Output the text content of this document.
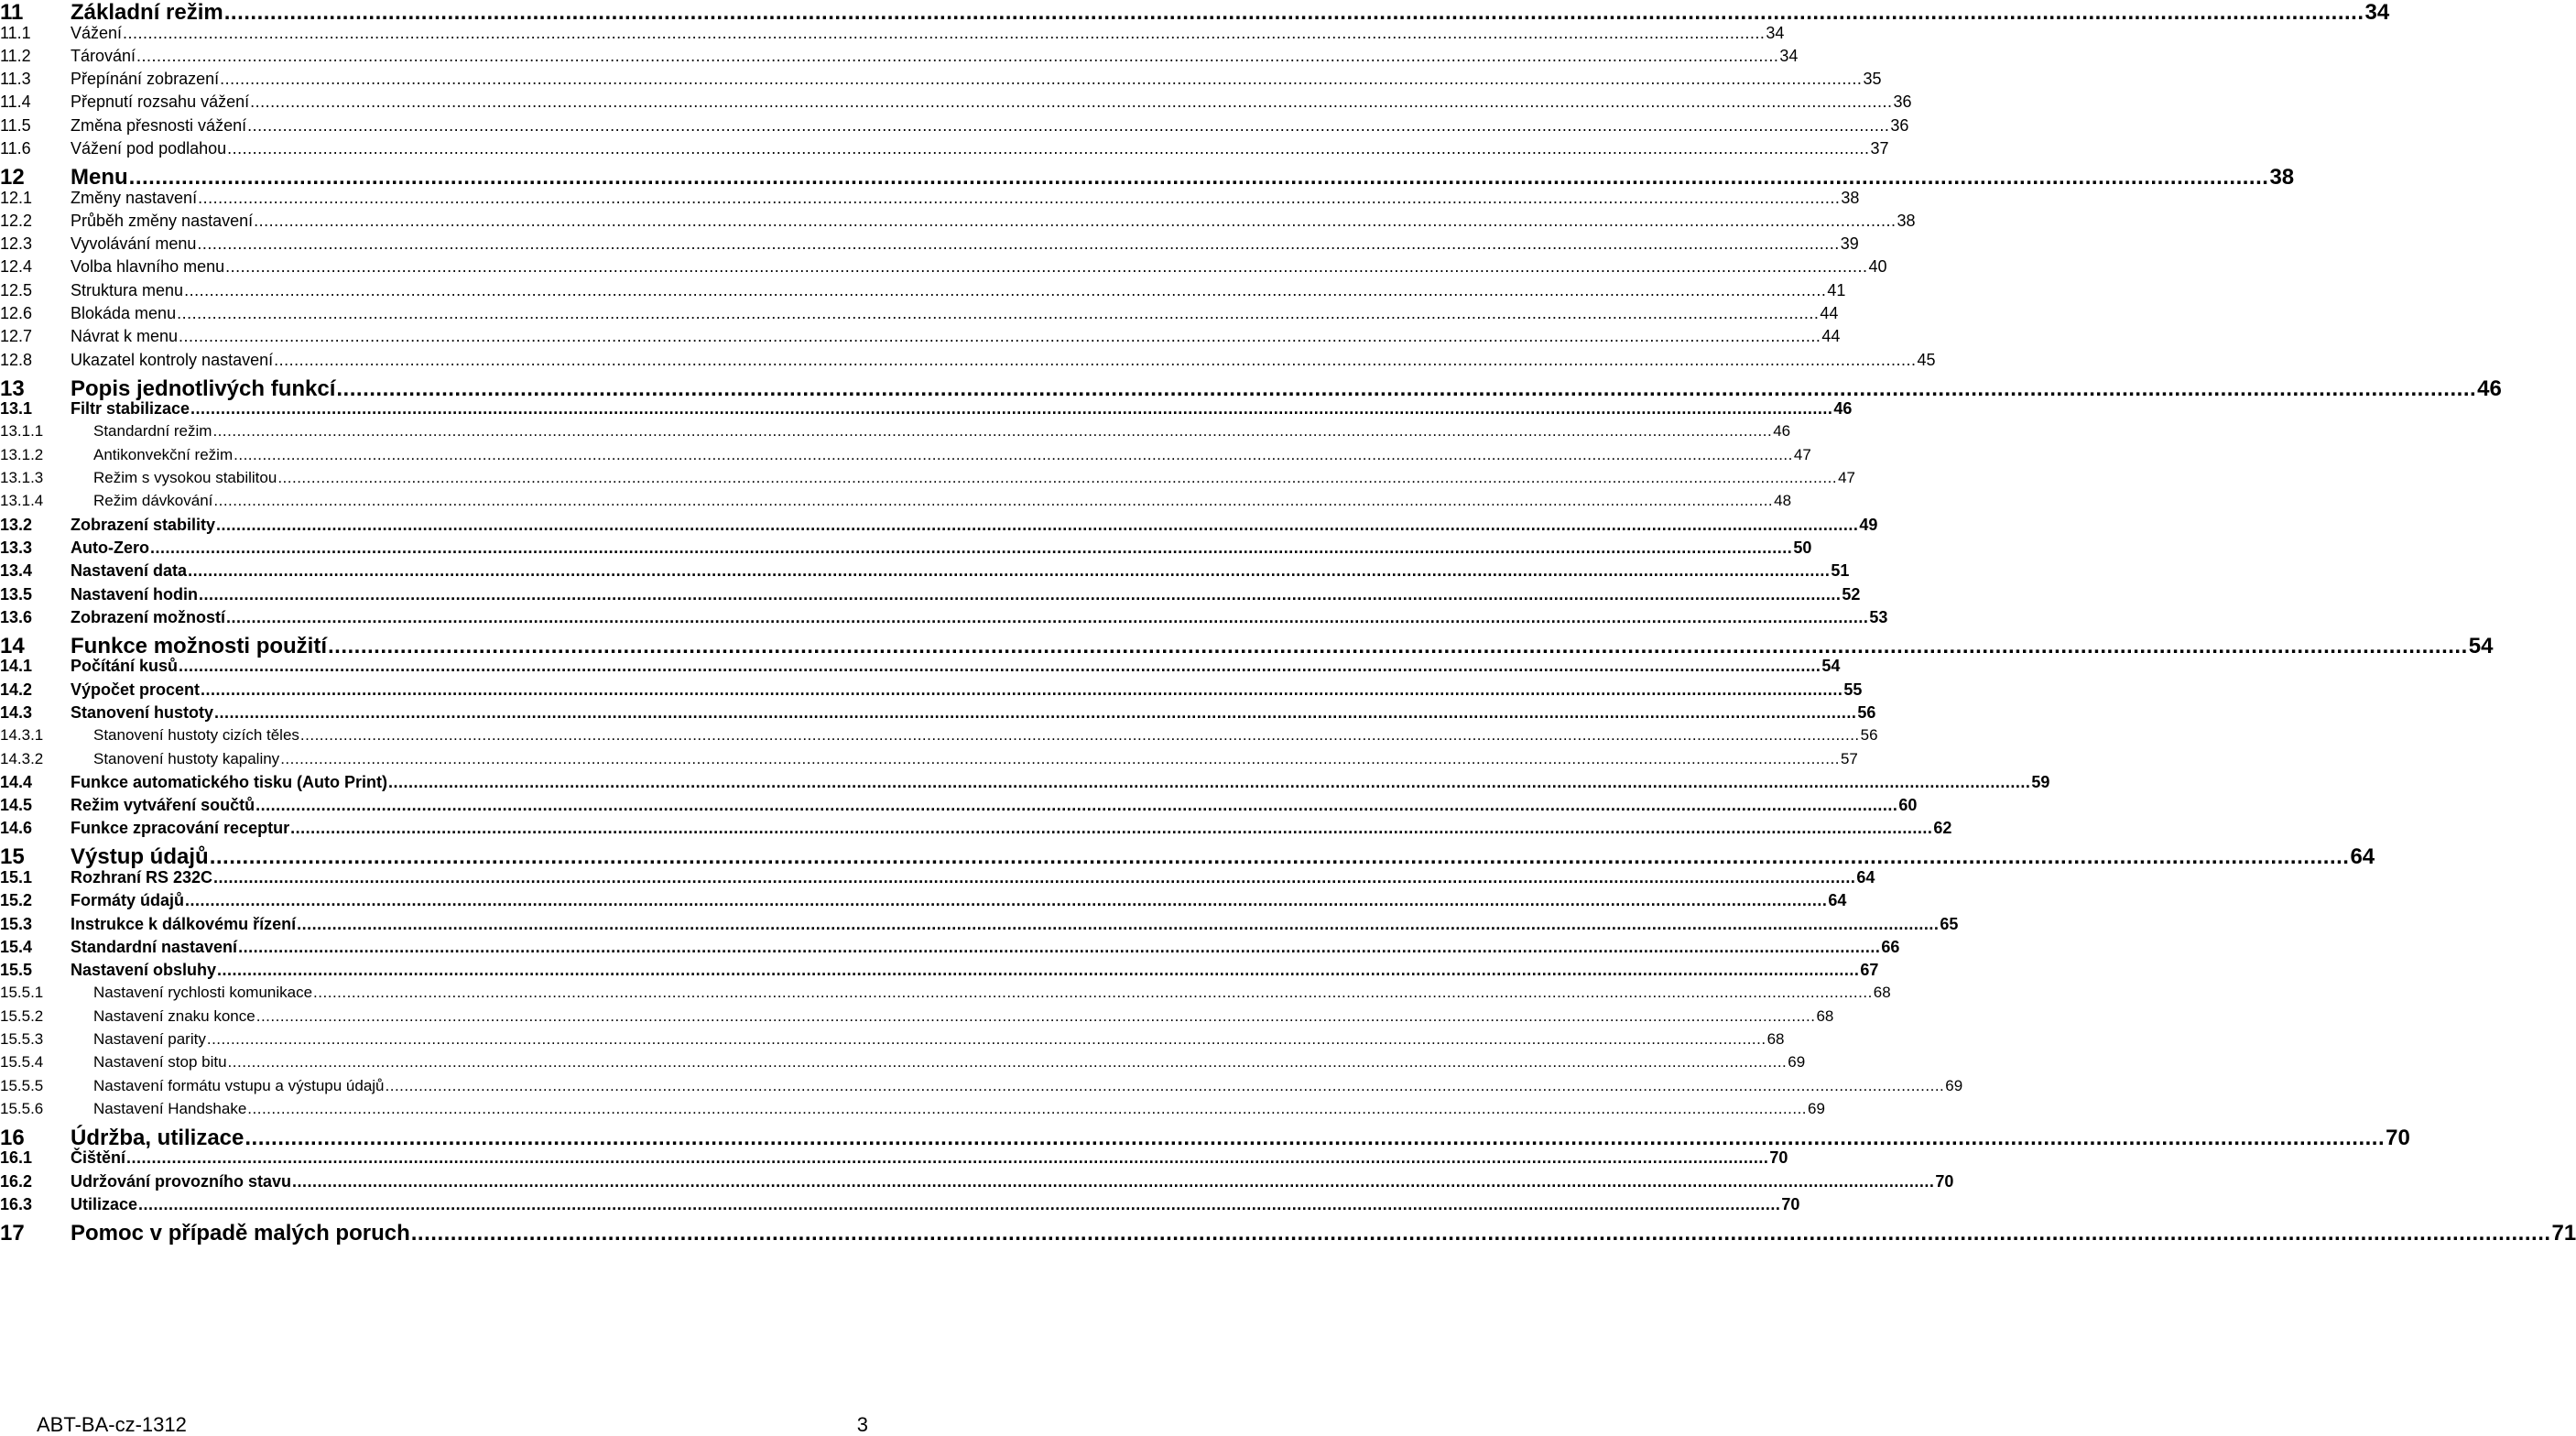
11 Základní režim .....	34
11.1 Vážení .....	34
11.2 Tárování .....	34
11.3 Přepínání zobrazení .....	35
11.4 Přepnutí rozsahu vážení .....	36
11.5 Změna přesnosti vážení .....	36
11.6 Vážení pod podlahou .....	37
12 Menu .....	38
12.1 Změny nastavení .....	38
12.2 Průběh změny nastavení .....	38
12.3 Vyvolávání menu .....	39
12.4 Volba hlavního menu .....	40
12.5 Struktura menu .....	41
12.6 Blokáda menu .....	44
12.7 Návrat k menu .....	44
12.8 Ukazatel kontroly nastavení .....	45
13 Popis jednotlivých funkcí .....	46
13.1 Filtr stabilizace .....	46
13.1.1	Standardní režim .....	46
13.1.2	Antikonvekční režim .....	47
13.1.3	Režim s vysokou stabilitou .....	47
13.1.4	Režim dávkování .....	48
13.2 Zobrazení stability .....	49
13.3 Auto-Zero .....	50
13.4 Nastavení data .....	51
13.5 Nastavení hodin .....	52
13.6 Zobrazení možností .....	53
14 Funkce možnosti použití .....	54
14.1 Počítání kusů .....	54
14.2 Výpočet procent .....	55
14.3 Stanovení hustoty .....	56
14.3.1	Stanovení hustoty cizích těles .....	56
14.3.2	Stanovení hustoty kapaliny .....	57
14.4 Funkce automatického tisku (Auto Print) .....	59
14.5 Režim vytváření součtů .....	60
14.6 Funkce zpracování receptur .....	62
15 Výstup údajů .....	64
15.1 Rozhraní RS 232C .....	64
15.2 Formáty údajů .....	64
15.3 Instrukce k dálkovému řízení .....	65
15.4 Standardní nastavení .....	66
15.5 Nastavení obsluhy .....	67
15.5.1	Nastavení rychlosti komunikace .....	68
15.5.2	Nastavení znaku konce .....	68
15.5.3	Nastavení parity .....	68
15.5.4	Nastavení stop bitu .....	69
15.5.5	Nastavení formátu vstupu a výstupu údajů .....	69
15.5.6	Nastavení Handshake .....	69
16 Údržba, utilizace .....	70
16.1 Čištění .....	70
16.2 Udržování provozního stavu .....	70
16.3 Utilizace .....	70
17 Pomoc v případě malých poruch .....	71
ABT-BA-cz-1312	3
